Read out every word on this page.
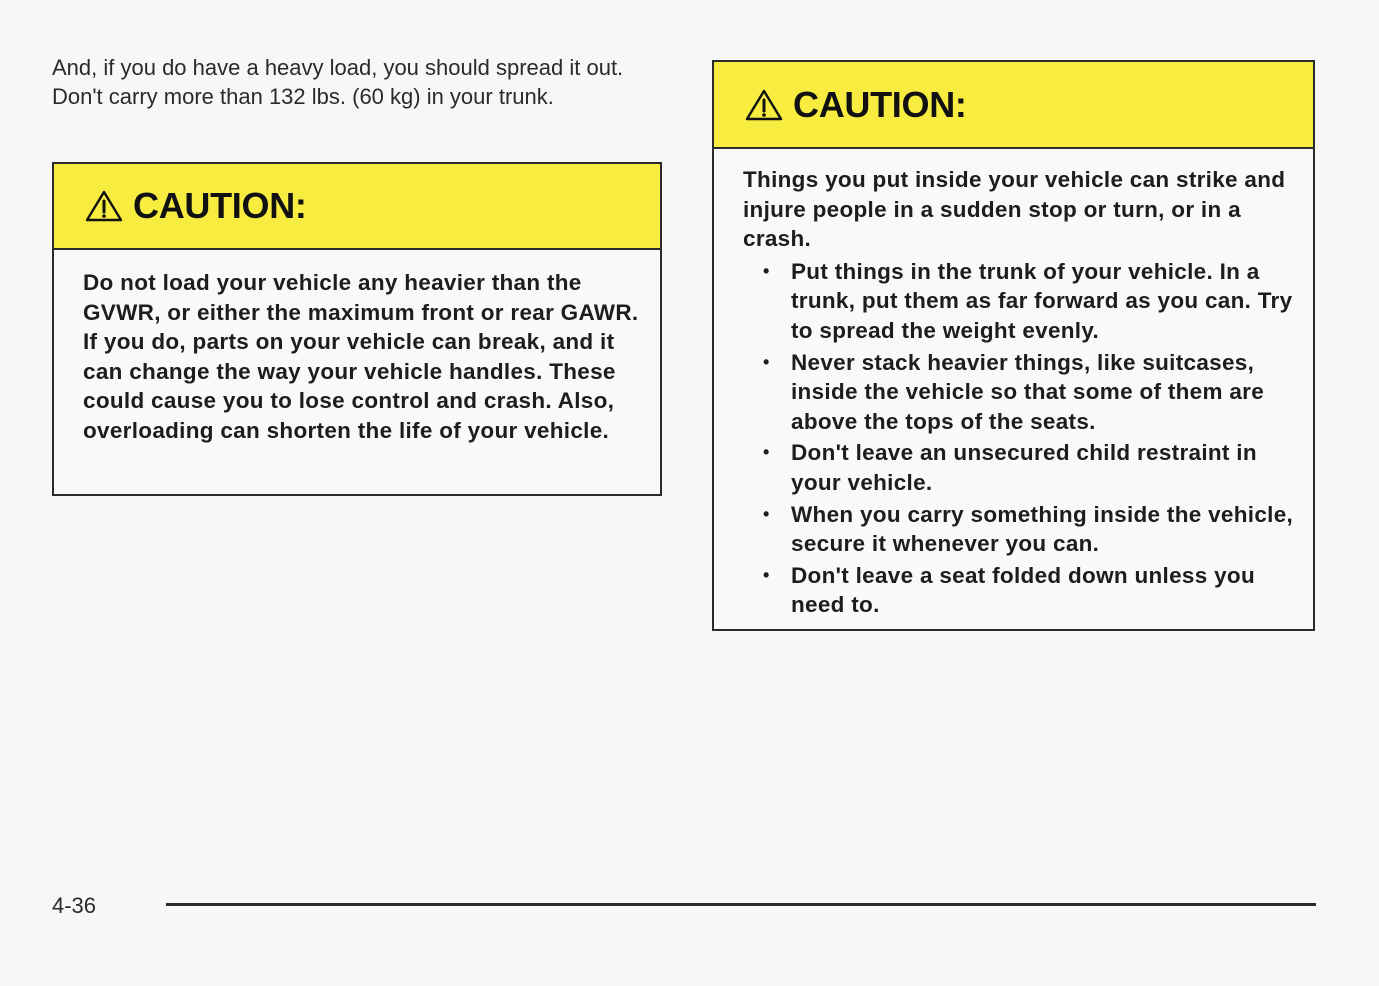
And, if you do have a heavy load, you should spread it out. Don't carry more than 132 lbs. (60 kg) in your trunk.

CAUTION:
Do not load your vehicle any heavier than the GVWR, or either the maximum front or rear GAWR. If you do, parts on your vehicle can break, and it can change the way your vehicle handles. These could cause you to lose control and crash. Also, overloading can shorten the life of your vehicle.
CAUTION:
Things you put inside your vehicle can strike and injure people in a sudden stop or turn, or in a crash.
• Put things in the trunk of your vehicle. In a trunk, put them as far forward as you can. Try to spread the weight evenly.
• Never stack heavier things, like suitcases, inside the vehicle so that some of them are above the tops of the seats.
• Don't leave an unsecured child restraint in your vehicle.
• When you carry something inside the vehicle, secure it whenever you can.
• Don't leave a seat folded down unless you need to.
4-36
